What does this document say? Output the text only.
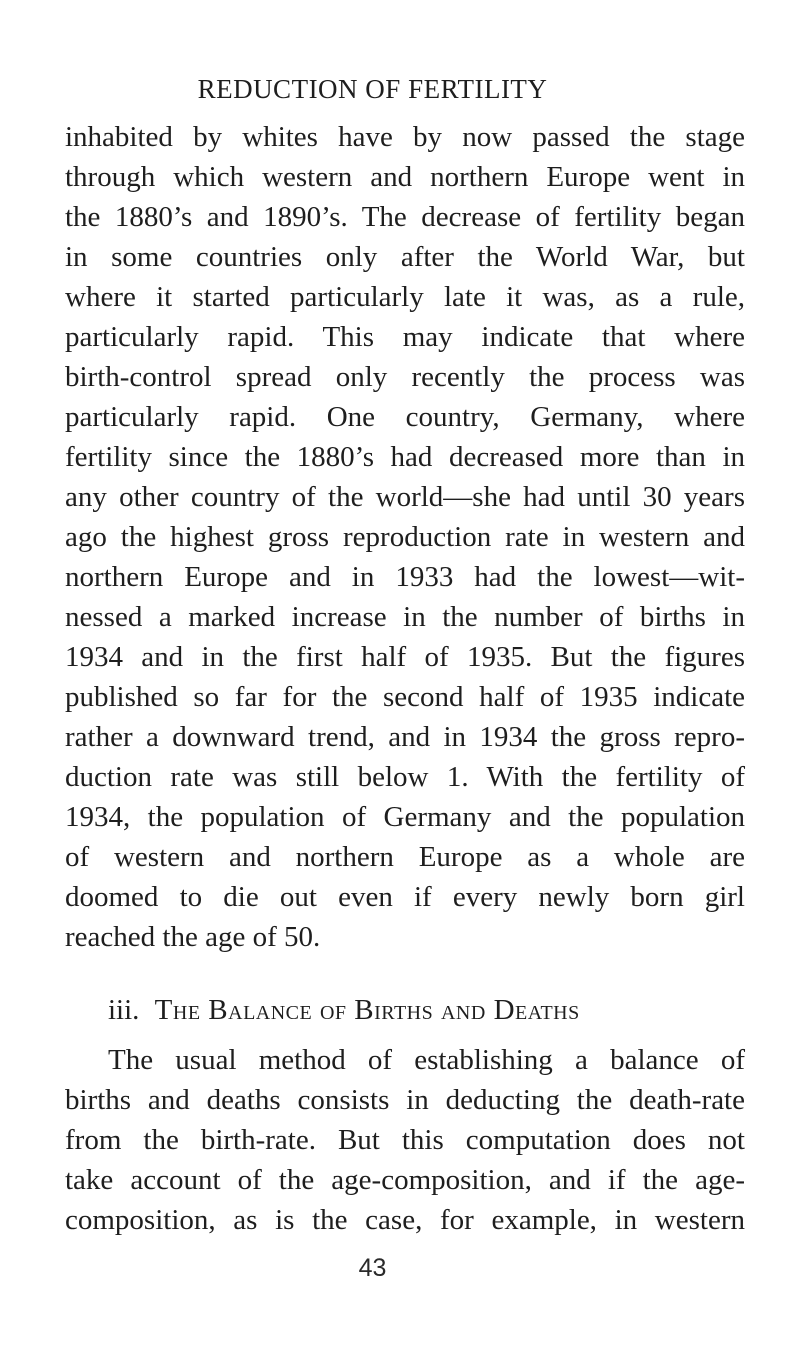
REDUCTION OF FERTILITY
inhabited by whites have by now passed the stage
through which western and northern Europe went in
the 1880’s and 1890’s. The decrease of fertility began
in some countries only after the World War, but
where it started particularly late it was, as a rule,
particularly rapid. This may indicate that where
birth-control spread only recently the process was
particularly rapid. One country, Germany, where
fertility since the 1880’s had decreased more than in
any other country of the world—she had until 30 years
ago the highest gross reproduction rate in western and
northern Europe and in 1933 had the lowest—wit-
nessed a marked increase in the number of births in
1934 and in the first half of 1935. But the figures
published so far for the second half of 1935 indicate
rather a downward trend, and in 1934 the gross repro-
duction rate was still below 1. With the fertility of
1934, the population of Germany and the population
of western and northern Europe as a whole are
doomed to die out even if every newly born girl
reached the age of 50.
iii. The Balance of Births and Deaths
The usual method of establishing a balance of
births and deaths consists in deducting the death-rate
from the birth-rate. But this computation does not
take account of the age-composition, and if the age-
composition, as is the case, for example, in western
43
